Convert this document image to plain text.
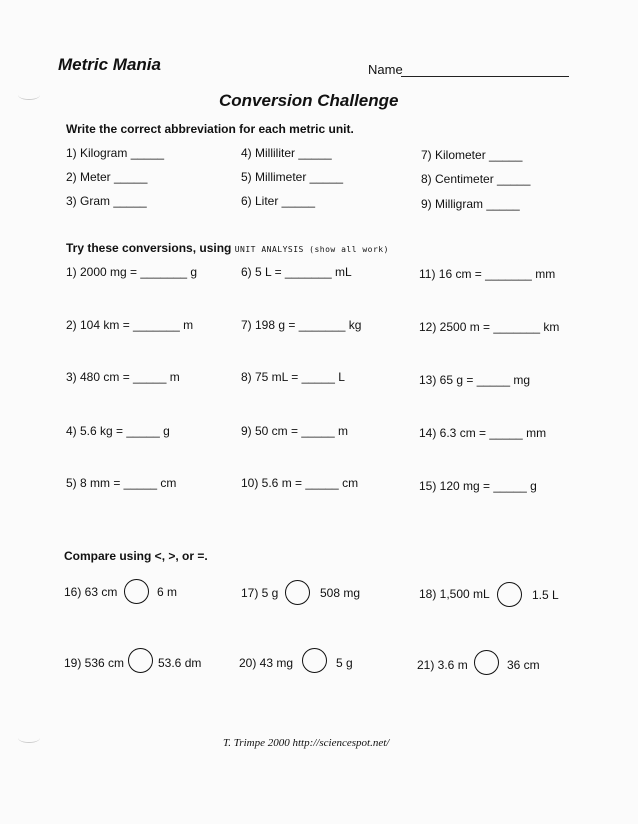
Metric Mania	Name
Conversion Challenge
Write the correct abbreviation for each metric unit.
1) Kilogram _____
2) Meter _____
3) Gram _____
4) Milliliter _____
5) Millimeter _____
6) Liter _____
7) Kilometer _____
8) Centimeter _____
9) Milligram _____
Try these conversions, using UNIT ANALYSIS (show all work)
1) 2000 mg = _______ g
2) 104 km = _______ m
3) 480 cm = _____ m
4) 5.6 kg = _____ g
5) 8 mm = _____ cm
6) 5 L = _______ mL
7) 198 g = _______ kg
8) 75 mL = _____ L
9) 50 cm = _____ m
10) 5.6 m = _____ cm
11) 16 cm = _______ mm
12) 2500 m = _______ km
13) 65 g = _____ mg
14) 6.3 cm = _____ mm
15) 120 mg = _____ g
Compare using <, >, or =.
16) 63 cm	6 m	17) 5 g	508 mg	18) 1,500 mL	1.5 L
19) 536 cm	53.6 dm	20) 43 mg	5 g	21) 3.6 m	36 cm
T. Trimpe 2000 http://sciencespot.net/
